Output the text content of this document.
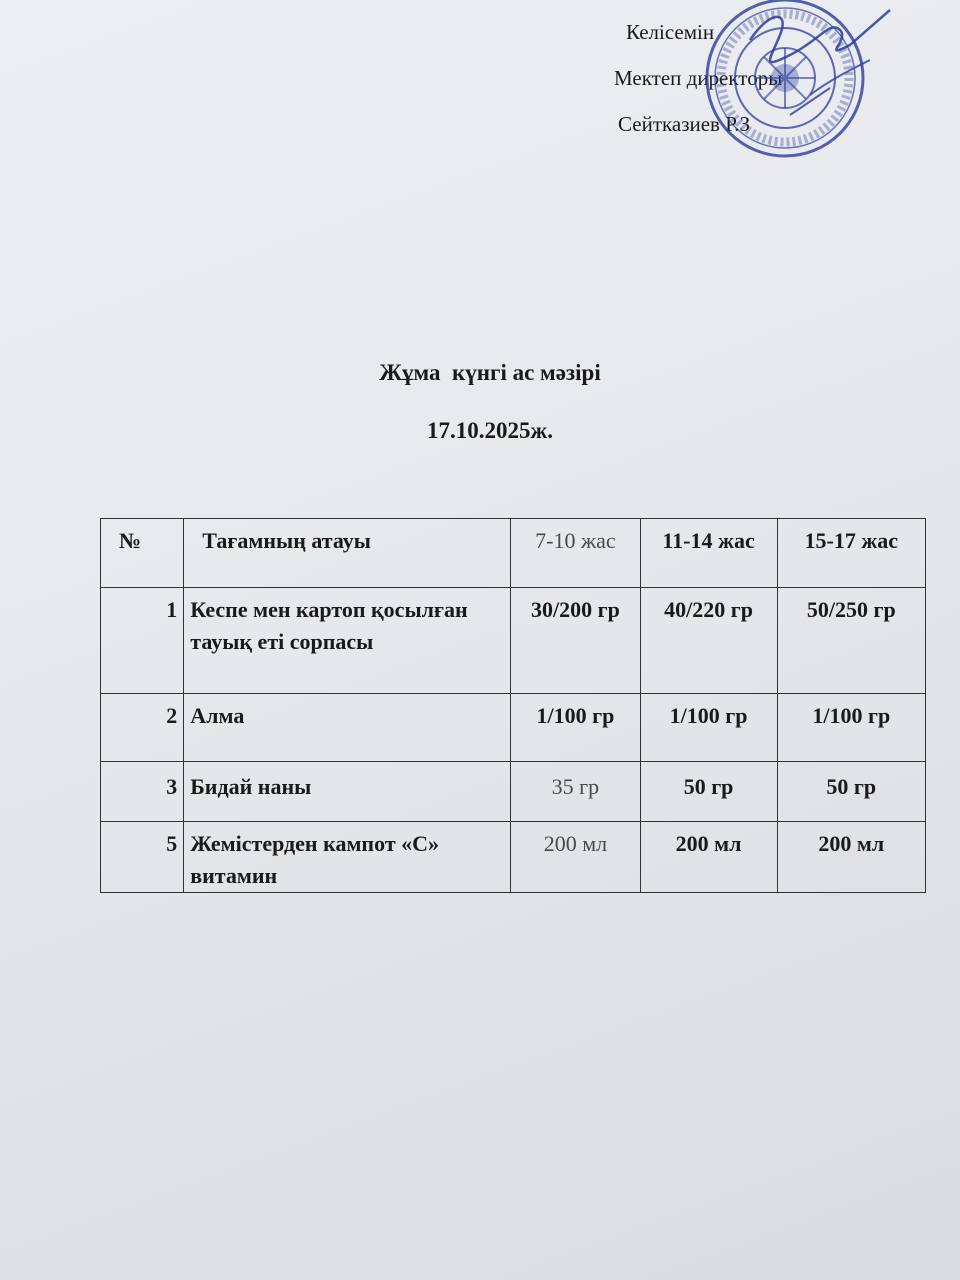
Келісемін
Мектеп директоры
Сейтказиев Р.З
Жұма  күнгі ас мәзірі
17.10.2025ж.
№	Тағамның атауы	7-10 жас	11-14 жас	15-17 жас
1	Кеспе мен картоп қосылған тауық еті сорпасы	30/200 гр	40/220 гр	50/250 гр
2	Алма	1/100 гр	1/100 гр	1/100 гр
3	Бидай наны	35 гр	50 гр	50 гр
5	Жемістерден кампот «С» витамин	200 мл	200 мл	200 мл
